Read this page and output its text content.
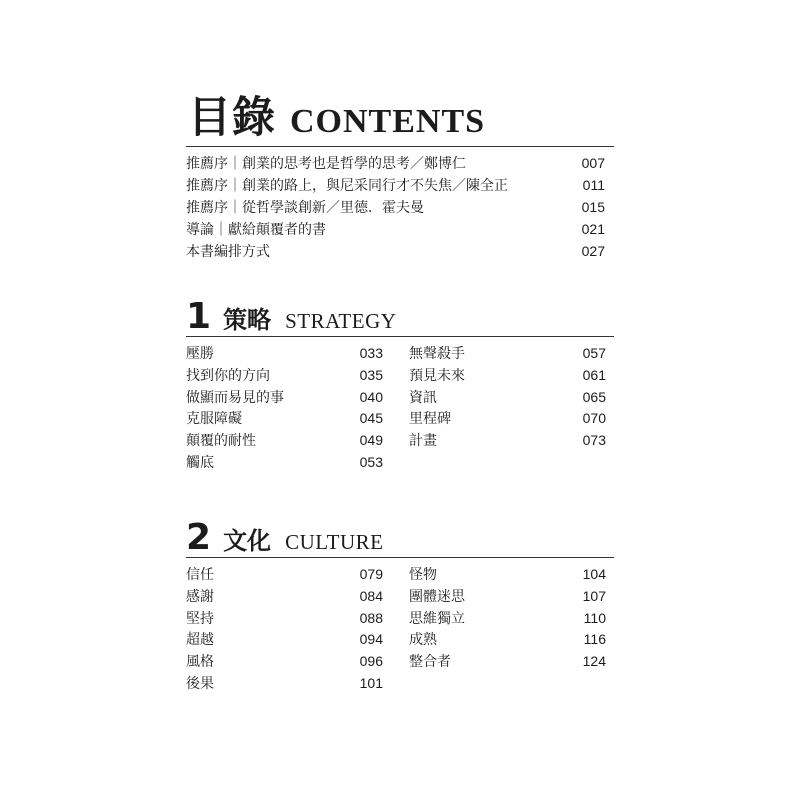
目錄 CONTENTS
推薦序｜創業的思考也是哲學的思考／鄭博仁	007
推薦序｜創業的路上，與尼采同行才不失焦／陳全正	011
推薦序｜從哲學談創新／里德．霍夫曼	015
導論｜獻給顛覆者的書	021
本書編排方式	027
1 策略 STRATEGY
壓勝	033
找到你的方向	035
做顯而易見的事	040
克服障礙	045
顛覆的耐性	049
觸底	053
無聲殺手	057
預見未來	061
資訊	065
里程碑	070
計畫	073
2 文化 CULTURE
信任	079
感謝	084
堅持	088
超越	094
風格	096
後果	101
怪物	104
團體迷思	107
思維獨立	110
成熟	116
整合者	124
